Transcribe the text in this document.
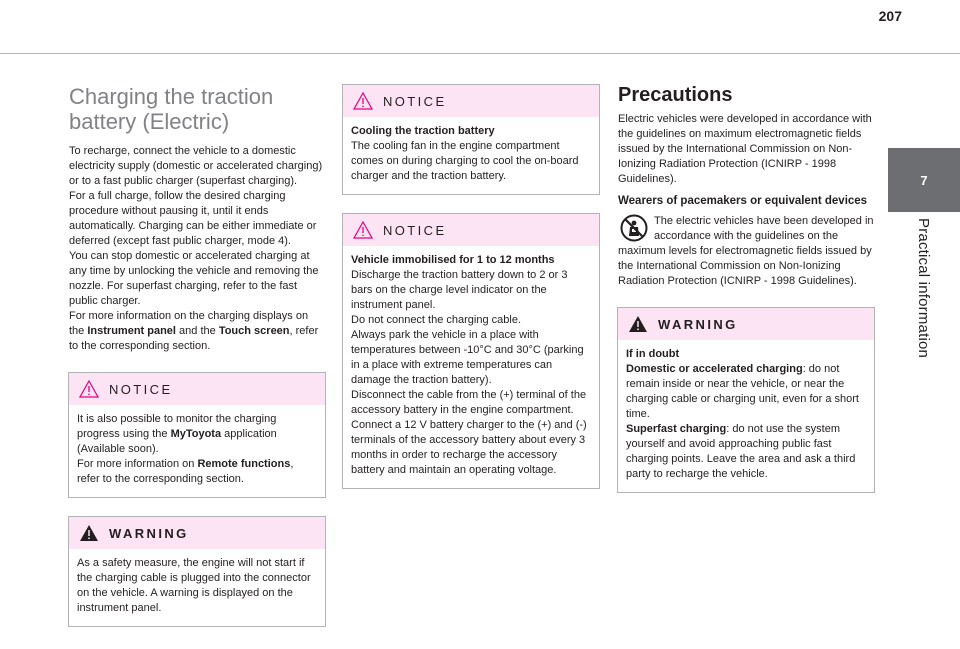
207
7
Practical information
Charging the traction
battery (Electric)

To recharge, connect the vehicle to a domestic electricity supply (domestic or accelerated charging) or to a fast public charger (superfast charging).

For a full charge, follow the desired charging procedure without pausing it, until it ends automatically. Charging can be either immediate or deferred (except fast public charger, mode 4).

You can stop domestic or accelerated charging at any time by unlocking the vehicle and removing the nozzle. For superfast charging, refer to the fast public charger.

For more information on the charging displays on the Instrument panel and the Touch screen, refer to the corresponding section.

NOTICE
It is also possible to monitor the charging progress using the MyToyota application (Available soon).
For more information on Remote functions, refer to the corresponding section.
WARNING
As a safety measure, the engine will not start if the charging cable is plugged into the connector on the vehicle. A warning is displayed on the instrument panel.
NOTICE
Cooling the traction battery
The cooling fan in the engine compartment comes on during charging to cool the on-board charger and the traction battery.
NOTICE
Vehicle immobilised for 1 to 12 months
Discharge the traction battery down to 2 or 3 bars on the charge level indicator on the instrument panel.
Do not connect the charging cable.
Always park the vehicle in a place with temperatures between -10°C and 30°C (parking in a place with extreme temperatures can damage the traction battery).
Disconnect the cable from the (+) terminal of the accessory battery in the engine compartment.
Connect a 12 V battery charger to the (+) and (-) terminals of the accessory battery about every 3 months in order to recharge the accessory battery and maintain an operating voltage.
Precautions

Electric vehicles were developed in accordance with the guidelines on maximum electromagnetic fields issued by the International Commission on Non-Ionizing Radiation Protection (ICNIRP - 1998 Guidelines).

Wearers of pacemakers or equivalent devices
The electric vehicles have been developed in accordance with the guidelines on the maximum levels for electromagnetic fields issued by the International Commission on Non-Ionizing Radiation Protection (ICNIRP - 1998 Guidelines).
WARNING
If in doubt
Domestic or accelerated charging: do not remain inside or near the vehicle, or near the charging cable or charging unit, even for a short time.
Superfast charging: do not use the system yourself and avoid approaching public fast charging points. Leave the area and ask a third party to recharge the vehicle.
